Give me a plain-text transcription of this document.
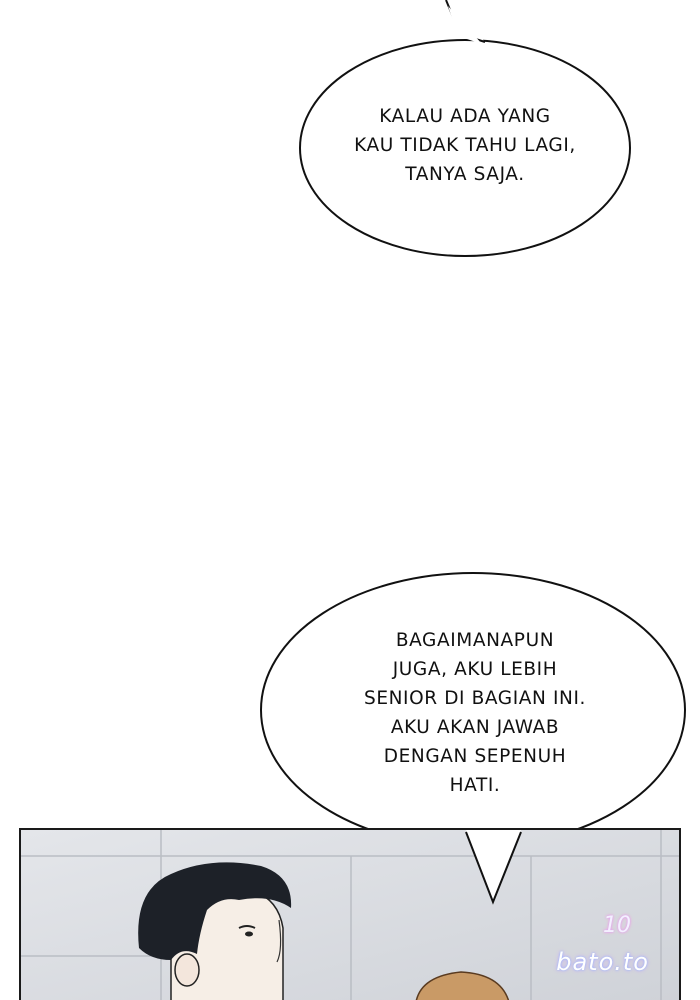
KALAU ADA YANG
KAU TIDAK TAHU LAGI,
TANYA SAJA.

BAGAIMANAPUN
JUGA, AKU LEBIH
SENIOR DI BAGIAN INI.
AKU AKAN JAWAB
DENGAN SEPENUH
HATI.

10
bato.to
